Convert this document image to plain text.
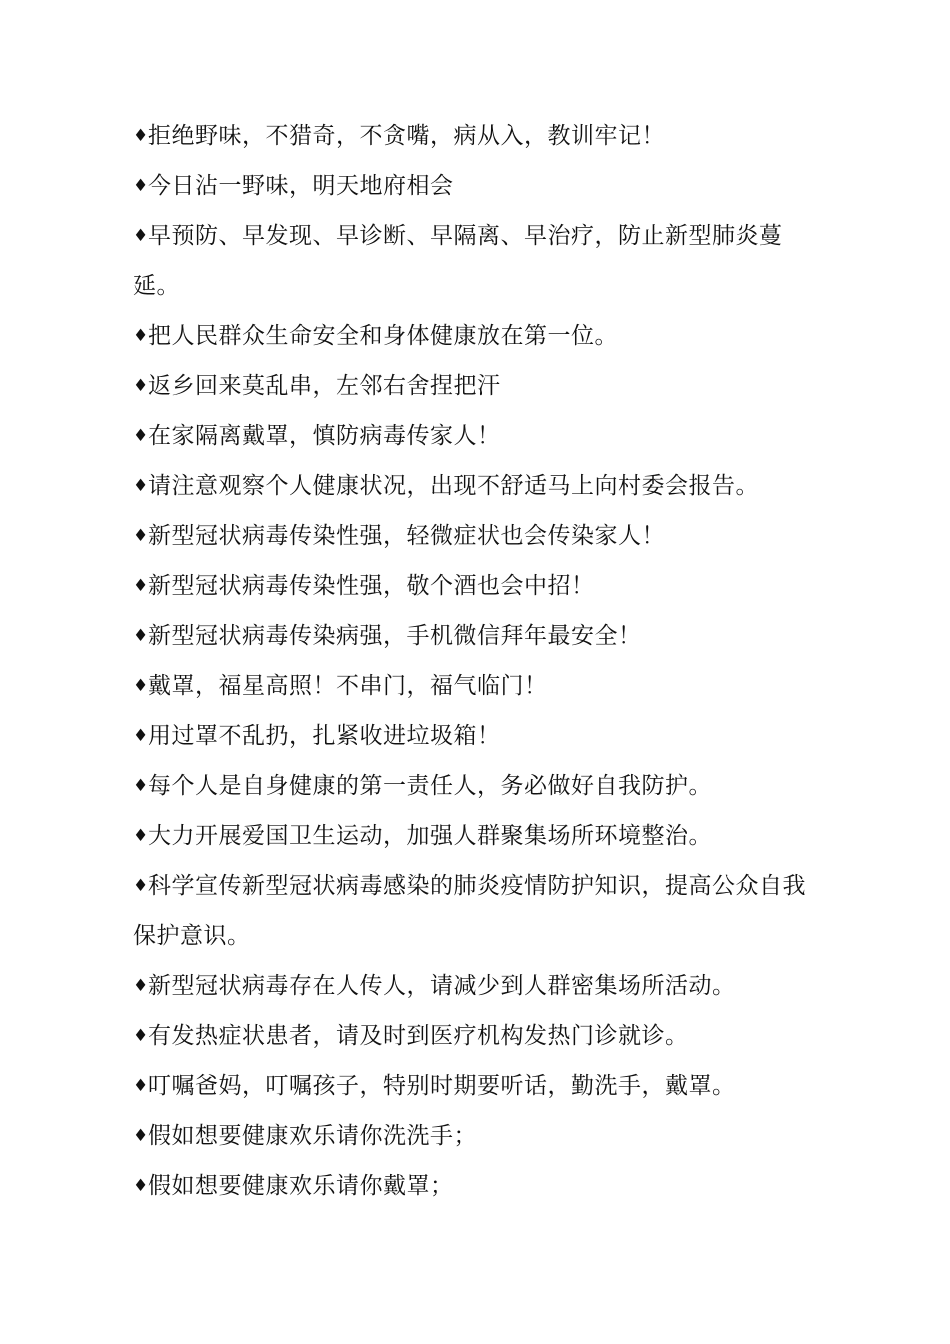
♦拒绝野味，不猎奇，不贪嘴，病从入，教训牢记！

♦今日沾一野味，明天地府相会

♦早预防、早发现、早诊断、早隔离、早治疗，防止新型肺炎蔓延。

♦把人民群众生命安全和身体健康放在第一位。

♦返乡回来莫乱串，左邻右舍捏把汗

♦在家隔离戴罩，慎防病毒传家人！

♦请注意观察个人健康状况，出现不舒适马上向村委会报告。

♦新型冠状病毒传染性强，轻微症状也会传染家人！

♦新型冠状病毒传染性强，敬个酒也会中招！

♦新型冠状病毒传染病强，手机微信拜年最安全！

♦戴罩，福星高照！不串门，福气临门！

♦用过罩不乱扔，扎紧收进垃圾箱！

♦每个人是自身健康的第一责任人，务必做好自我防护。

♦大力开展爱国卫生运动，加强人群聚集场所环境整治。

♦科学宣传新型冠状病毒感染的肺炎疫情防护知识，提高公众自我保护意识。

♦新型冠状病毒存在人传人，请减少到人群密集场所活动。

♦有发热症状患者，请及时到医疗机构发热门诊就诊。

♦叮嘱爸妈，叮嘱孩子，特别时期要听话，勤洗手，戴罩。

♦假如想要健康欢乐请你洗洗手；

♦假如想要健康欢乐请你戴罩；
